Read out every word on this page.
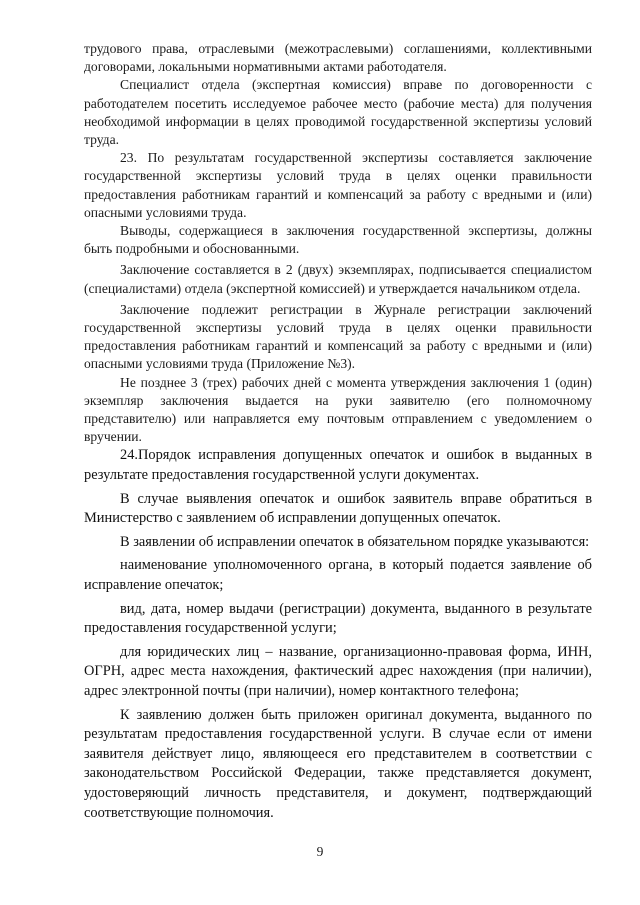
трудового права, отраслевыми (межотраслевыми) соглашениями, коллективными договорами, локальными нормативными актами работодателя.

Специалист отдела (экспертная комиссия) вправе по договоренности с работодателем посетить исследуемое рабочее место (рабочие места) для получения необходимой информации в целях проводимой государственной экспертизы условий труда.

23. По результатам государственной экспертизы составляется заключение государственной экспертизы условий труда в целях оценки правильности предоставления работникам гарантий и компенсаций за работу с вредными и (или) опасными условиями труда.

Выводы, содержащиеся в заключения государственной экспертизы, должны быть подробными и обоснованными.

Заключение составляется в 2 (двух) экземплярах, подписывается специалистом (специалистами) отдела (экспертной комиссией) и утверждается начальником отдела.

Заключение подлежит регистрации в Журнале регистрации заключений государственной экспертизы условий труда в целях оценки правильности предоставления работникам гарантий и компенсаций за работу с вредными и (или) опасными условиями труда (Приложение №3).

Не позднее 3 (трех) рабочих дней с момента утверждения заключения 1 (один) экземпляр заключения выдается на руки заявителю (его полномочному представителю) или направляется ему почтовым отправлением с уведомлением о вручении.

24.Порядок исправления допущенных опечаток и ошибок в выданных в результате предоставления государственной услуги документах.

В случае выявления опечаток и ошибок заявитель вправе обратиться в Министерство с заявлением об исправлении допущенных опечаток.

В заявлении об исправлении опечаток в обязательном порядке указываются:

наименование уполномоченного органа, в который подается заявление об исправление опечаток;

вид, дата, номер выдачи (регистрации) документа, выданного в результате предоставления государственной услуги;

для юридических лиц – название, организационно-правовая форма, ИНН, ОГРН, адрес места нахождения, фактический адрес нахождения (при наличии), адрес электронной почты (при наличии), номер контактного телефона;

К заявлению должен быть приложен оригинал документа, выданного по результатам предоставления государственной услуги. В случае если от имени заявителя действует лицо, являющееся его представителем в соответствии с законодательством Российской Федерации, также представляется документ, удостоверяющий личность представителя, и документ, подтверждающий соответствующие полномочия.

9
